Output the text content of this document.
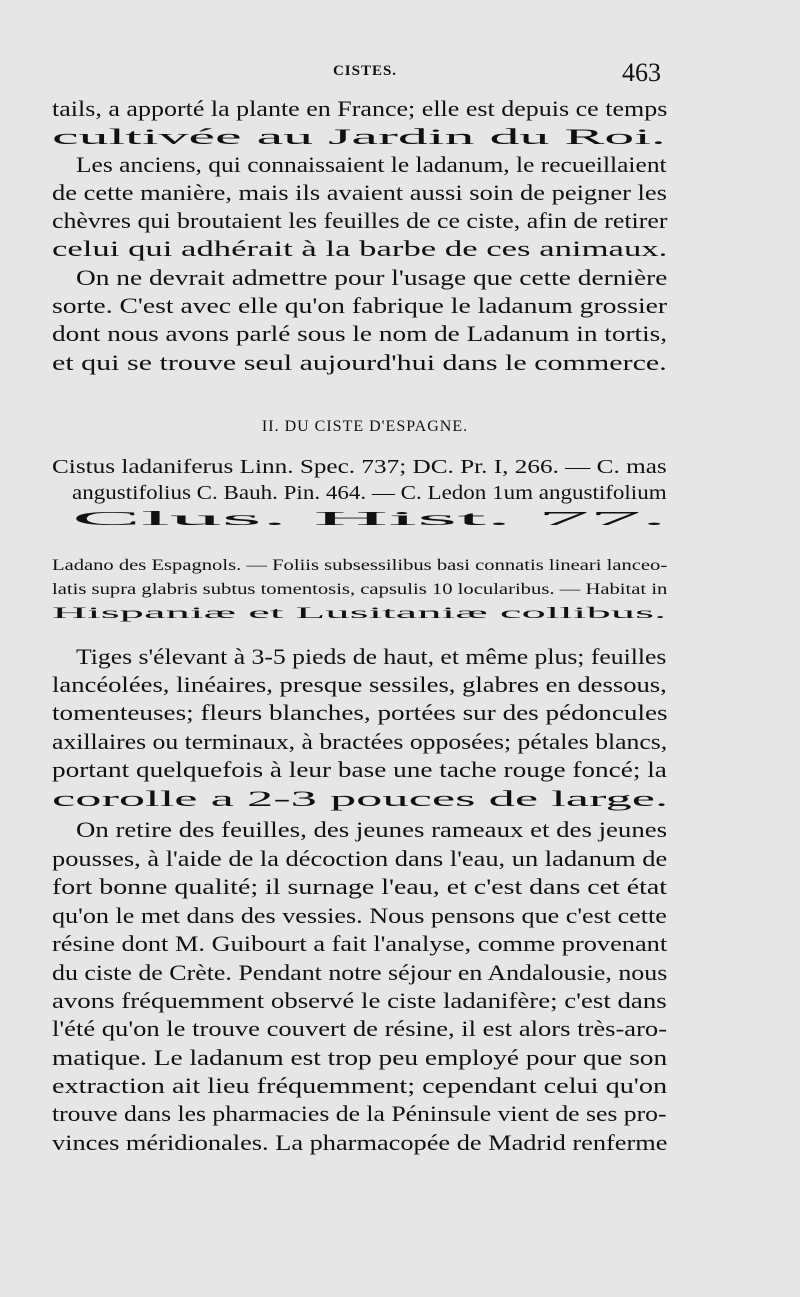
CISTES.	463
tails, a apporté la plante en France; elle est depuis ce temps
cultivée au Jardin du Roi.
Les anciens, qui connaissaient le ladanum, le recueillaient
de cette manière, mais ils avaient aussi soin de peigner les
chèvres qui broutaient les feuilles de ce ciste, afin de retirer
celui qui adhérait à la barbe de ces animaux.
On ne devrait admettre pour l'usage que cette dernière
sorte. C'est avec elle qu'on fabrique le ladanum grossier
dont nous avons parlé sous le nom de Ladanum in tortis,
et qui se trouve seul aujourd'hui dans le commerce.
II. DU CISTE D'ESPAGNE.
Cistus ladaniferus Linn. Spec. 737; DC. Pr. I, 266. — C. mas
angustifolius C. Bauh. Pin. 464. — C. Ledon 1um angustifolium
Clus. Hist. 77.
Ladano des Espagnols. — Foliis subsessilibus basi connatis lineari lanceo-
latis supra glabris subtus tomentosis, capsulis 10 locularibus. — Habitat in
Hispaniæ et Lusitaniæ collibus.
Tiges s'élevant à 3-5 pieds de haut, et même plus; feuilles
lancéolées, linéaires, presque sessiles, glabres en dessous,
tomenteuses; fleurs blanches, portées sur des pédoncules
axillaires ou terminaux, à bractées opposées; pétales blancs,
portant quelquefois à leur base une tache rouge foncé; la
corolle a 2-3 pouces de large.
On retire des feuilles, des jeunes rameaux et des jeunes
pousses, à l'aide de la décoction dans l'eau, un ladanum de
fort bonne qualité; il surnage l'eau, et c'est dans cet état
qu'on le met dans des vessies. Nous pensons que c'est cette
résine dont M. Guibourt a fait l'analyse, comme provenant
du ciste de Crète. Pendant notre séjour en Andalousie, nous
avons fréquemment observé le ciste ladanifère; c'est dans
l'été qu'on le trouve couvert de résine, il est alors très-aro-
matique. Le ladanum est trop peu employé pour que son
extraction ait lieu fréquemment; cependant celui qu'on
trouve dans les pharmacies de la Péninsule vient de ses pro-
vinces méridionales. La pharmacopée de Madrid renferme
